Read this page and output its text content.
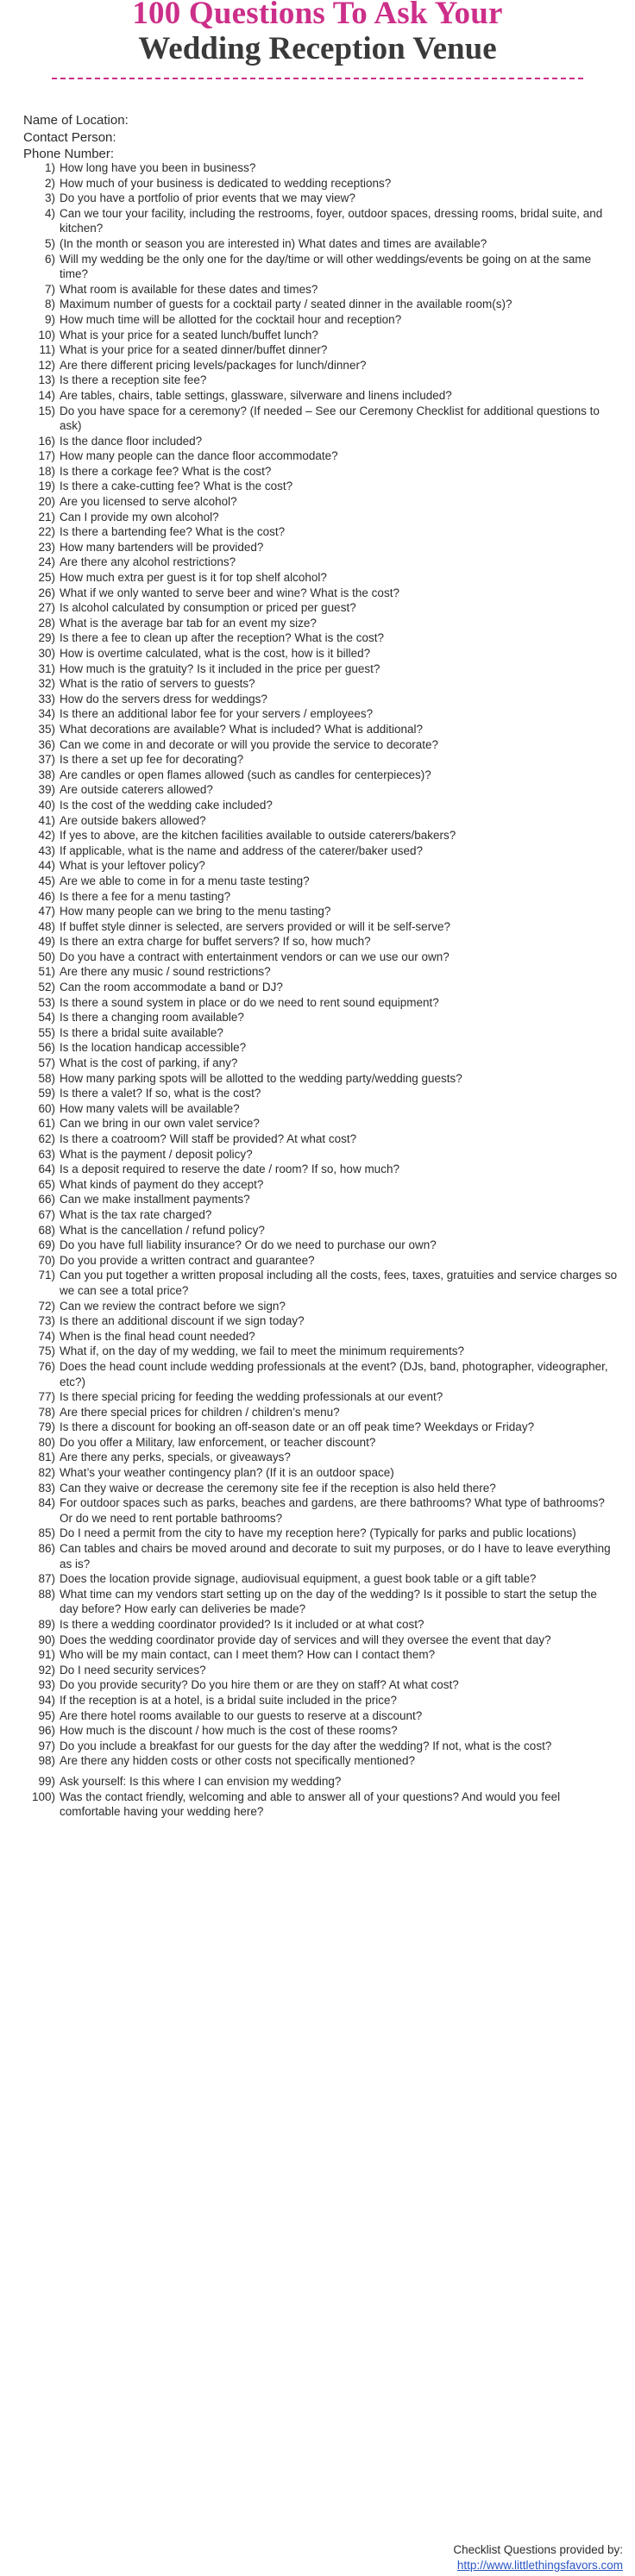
100 Questions To Ask Your
Wedding Reception Venue
Name of Location:
Contact Person:
Phone Number:
1) How long have you been in business?
2) How much of your business is dedicated to wedding receptions?
3) Do you have a portfolio of prior events that we may view?
4) Can we tour your facility, including the restrooms, foyer, outdoor spaces, dressing rooms, bridal suite, and kitchen?
5) (In the month or season you are interested in) What dates and times are available?
6) Will my wedding be the only one for the day/time or will other weddings/events be going on at the same time?
7) What room is available for these dates and times?
8) Maximum number of guests for a cocktail party / seated dinner in the available room(s)?
9) How much time will be allotted for the cocktail hour and reception?
10) What is your price for a seated lunch/buffet lunch?
11) What is your price for a seated dinner/buffet dinner?
12) Are there different pricing levels/packages for lunch/dinner?
13) Is there a reception site fee?
14) Are tables, chairs, table settings, glassware, silverware and linens included?
15) Do you have space for a ceremony? (If needed – See our Ceremony Checklist for additional questions to ask)
16) Is the dance floor included?
17) How many people can the dance floor accommodate?
18) Is there a corkage fee? What is the cost?
19) Is there a cake-cutting fee? What is the cost?
20) Are you licensed to serve alcohol?
21) Can I provide my own alcohol?
22) Is there a bartending fee? What is the cost?
23) How many bartenders will be provided?
24) Are there any alcohol restrictions?
25) How much extra per guest is it for top shelf alcohol?
26) What if we only wanted to serve beer and wine? What is the cost?
27) Is alcohol calculated by consumption or priced per guest?
28) What is the average bar tab for an event my size?
29) Is there a fee to clean up after the reception? What is the cost?
30) How is overtime calculated, what is the cost, how is it billed?
31) How much is the gratuity? Is it included in the price per guest?
32) What is the ratio of servers to guests?
33) How do the servers dress for weddings?
34) Is there an additional labor fee for your servers / employees?
35) What decorations are available? What is included? What is additional?
36) Can we come in and decorate or will you provide the service to decorate?
37) Is there a set up fee for decorating?
38) Are candles or open flames allowed (such as candles for centerpieces)?
39) Are outside caterers allowed?
40) Is the cost of the wedding cake included?
41) Are outside bakers allowed?
42) If yes to above, are the kitchen facilities available to outside caterers/bakers?
43) If applicable, what is the name and address of the caterer/baker used?
44) What is your leftover policy?
45) Are we able to come in for a menu taste testing?
46) Is there a fee for a menu tasting?
47) How many people can we bring to the menu tasting?
48) If buffet style dinner is selected, are servers provided or will it be self-serve?
49) Is there an extra charge for buffet servers? If so, how much?
50) Do you have a contract with entertainment vendors or can we use our own?
51) Are there any music / sound restrictions?
52) Can the room accommodate a band or DJ?
53) Is there a sound system in place or do we need to rent sound equipment?
54) Is there a changing room available?
55) Is there a bridal suite available?
56) Is the location handicap accessible?
57) What is the cost of parking, if any?
58) How many parking spots will be allotted to the wedding party/wedding guests?
59) Is there a valet? If so, what is the cost?
60) How many valets will be available?
61) Can we bring in our own valet service?
62) Is there a coatroom? Will staff be provided? At what cost?
63) What is the payment / deposit policy?
64) Is a deposit required to reserve the date / room? If so, how much?
65) What kinds of payment do they accept?
66) Can we make installment payments?
67) What is the tax rate charged?
68) What is the cancellation / refund policy?
69) Do you have full liability insurance? Or do we need to purchase our own?
70) Do you provide a written contract and guarantee?
71) Can you put together a written proposal including all the costs, fees, taxes, gratuities and service charges so we can see a total price?
72) Can we review the contract before we sign?
73) Is there an additional discount if we sign today?
74) When is the final head count needed?
75) What if, on the day of my wedding, we fail to meet the minimum requirements?
76) Does the head count include wedding professionals at the event? (DJs, band, photographer, videographer, etc?)
77) Is there special pricing for feeding the wedding professionals at our event?
78) Are there special prices for children / children’s menu?
79) Is there a discount for booking an off-season date or an off peak time? Weekdays or Friday?
80) Do you offer a Military, law enforcement, or teacher discount?
81) Are there any perks, specials, or giveaways?
82) What’s your weather contingency plan? (If it is an outdoor space)
83) Can they waive or decrease the ceremony site fee if the reception is also held there?
84) For outdoor spaces such as parks, beaches and gardens, are there bathrooms? What type of bathrooms? Or do we need to rent portable bathrooms?
85) Do I need a permit from the city to have my reception here? (Typically for parks and public locations)
86) Can tables and chairs be moved around and decorate to suit my purposes, or do I have to leave everything as is?
87) Does the location provide signage, audiovisual equipment, a guest book table or a gift table?
88) What time can my vendors start setting up on the day of the wedding? Is it possible to start the setup the day before? How early can deliveries be made?
89) Is there a wedding coordinator provided? Is it included or at what cost?
90) Does the wedding coordinator provide day of services and will they oversee the event that day?
91) Who will be my main contact, can I meet them? How can I contact them?
92) Do I need security services?
93) Do you provide security? Do you hire them or are they on staff? At what cost?
94) If the reception is at a hotel, is a bridal suite included in the price?
95) Are there hotel rooms available to our guests to reserve at a discount?
96) How much is the discount / how much is the cost of these rooms?
97) Do you include a breakfast for our guests for the day after the wedding? If not, what is the cost?
98) Are there any hidden costs or other costs not specifically mentioned?
99) Ask yourself: Is this where I can envision my wedding?
100) Was the contact friendly, welcoming and able to answer all of your questions? And would you feel comfortable having your wedding here?
Checklist Questions provided by:
http://www.littlethingsfavors.com
